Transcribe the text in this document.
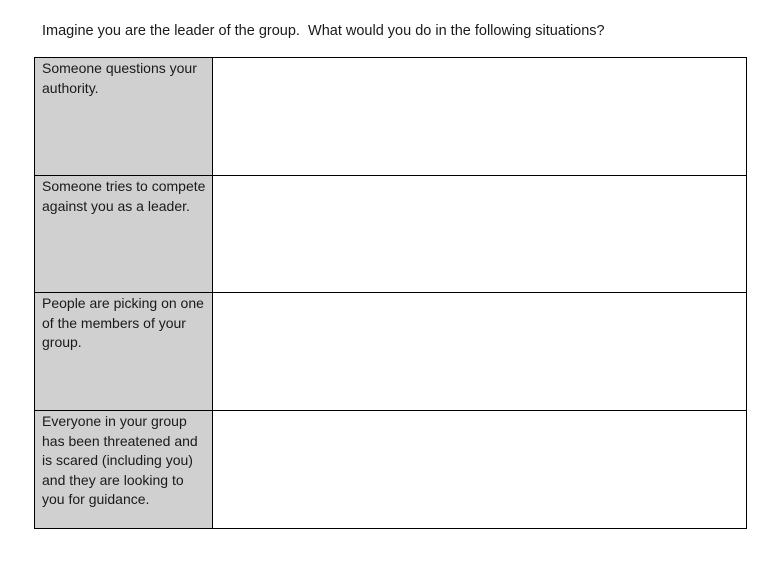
Imagine you are the leader of the group.  What would you do in the following situations?
Someone questions your authority.	

Someone tries to compete against you as a leader.	

People are picking on one of the members of your group.	

Everyone in your group has been threatened and is scared (including you) and they are looking to you for guidance.	
